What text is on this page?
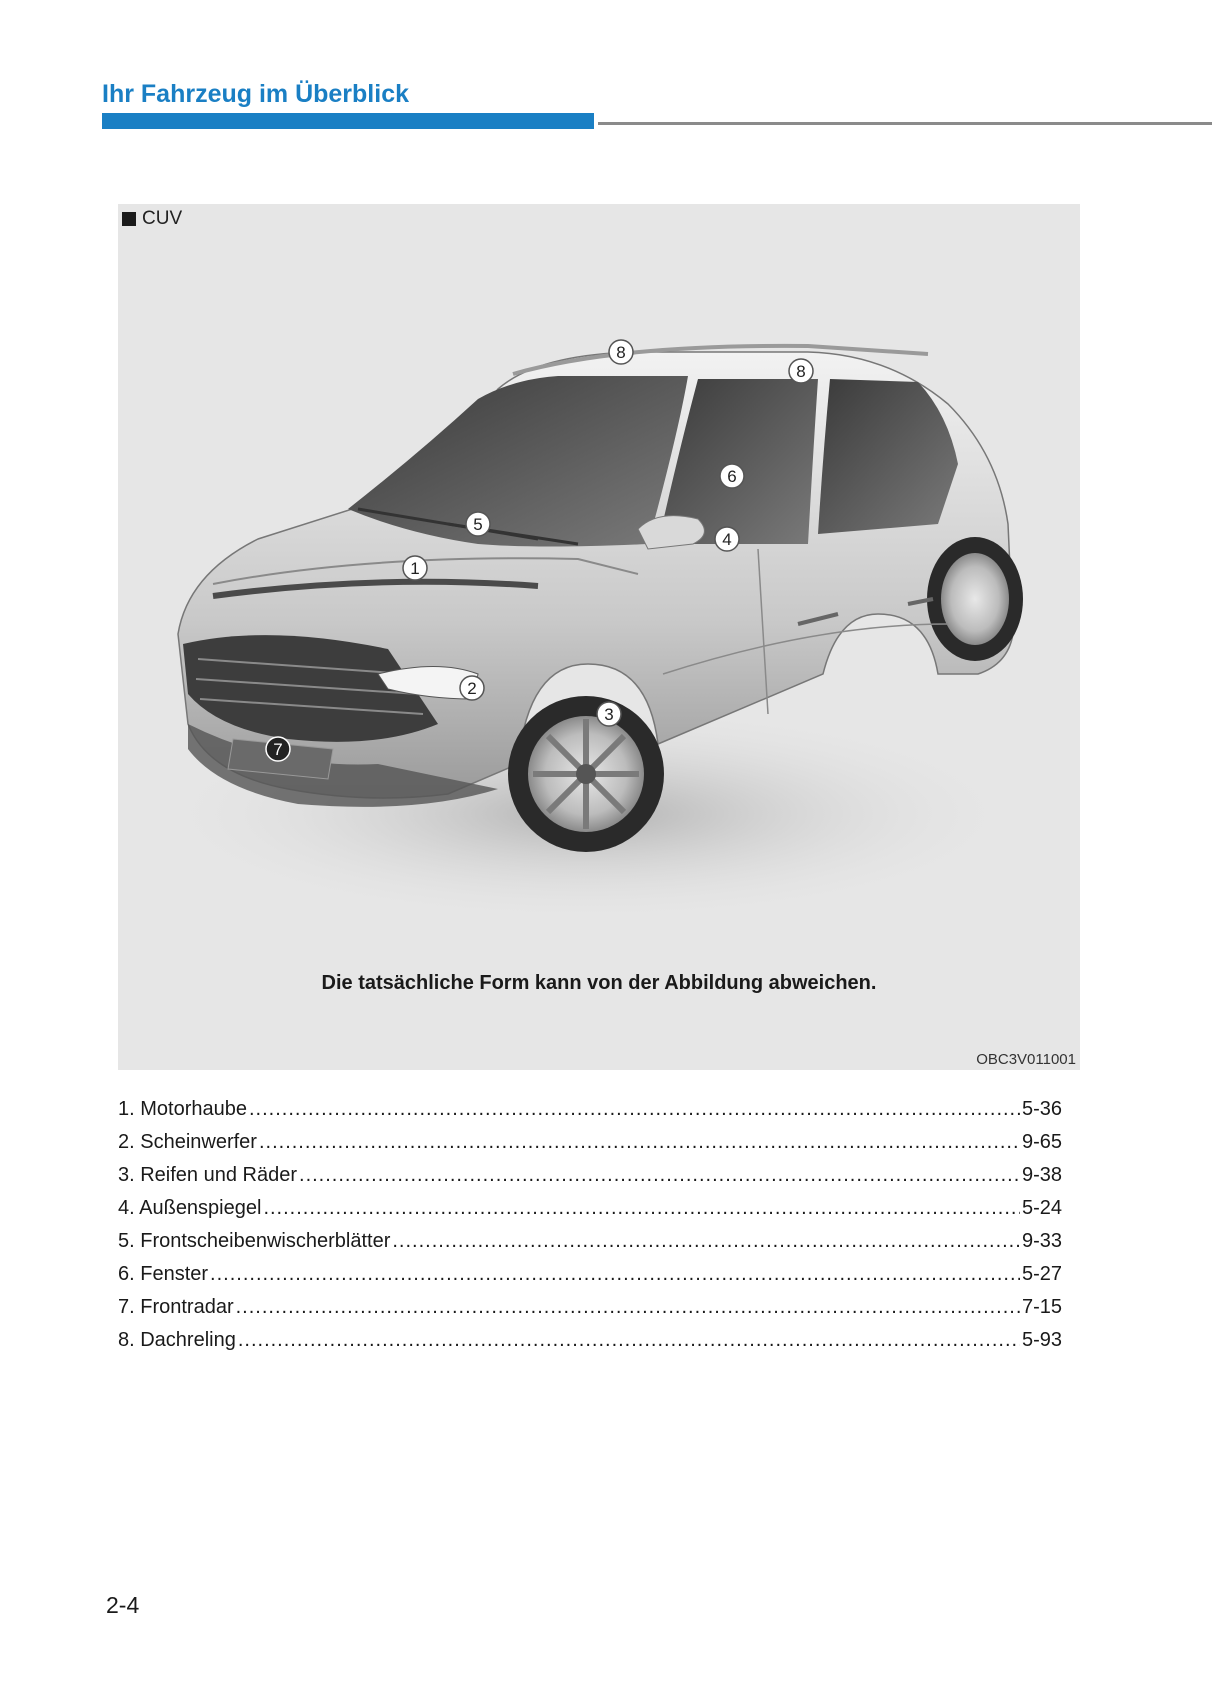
Ihr Fahrzeug im Überblick
CUV
1
2
3
4
5
6
7
8
8
Die tatsächliche Form kann von der Abbildung abweichen.
OBC3V011001
1. Motorhaube .....	5-36
2. Scheinwerfer .....	9-65
3. Reifen und Räder .....	9-38
4. Außenspiegel .....	5-24
5. Frontscheibenwischerblätter .....	9-33
6. Fenster .....	5-27
7. Frontradar .....	7-15
8. Dachreling .....	5-93
2-4
